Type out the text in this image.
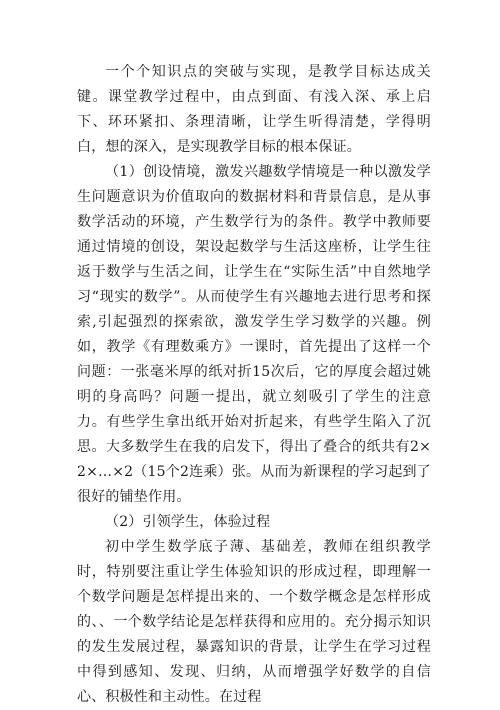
一个个知识点的突破与实现，是教学目标达成关键。课堂教学过程中，由点到面、有浅入深、承上启下、环环紧扣、条理清晰，让学生听得清楚，学得明白，想的深入，是实现教学目标的根本保证。

（1）创设情境，激发兴趣数学情境是一种以激发学生问题意识为价值取向的数据材料和背景信息，是从事数学活动的环境，产生数学行为的条件。教学中教师要通过情境的创设，架设起数学与生活这座桥，让学生往返于数学与生活之间，让学生在“实际生活”中自然地学习“现实的数学”。从而使学生有兴趣地去进行思考和探索,引起强烈的探索欲，激发学生学习数学的兴趣。例如，教学《有理数乘方》一课时，首先提出了这样一个问题：一张毫米厚的纸对折15次后，它的厚度会超过姚明的身高吗？问题一提出，就立刻吸引了学生的注意力。有些学生拿出纸开始对折起来，有些学生陷入了沉思。大多数学生在我的启发下，得出了叠合的纸共有2×2×…×2（15个2连乘）张。从而为新课程的学习起到了很好的铺垫作用。

（2）引领学生，体验过程

初中学生数学底子薄、基础差，教师在组织教学时，特别要注重让学生体验知识的形成过程，即理解一个数学问题是怎样提出来的、一个数学概念是怎样形成的、、一个数学结论是怎样获得和应用的。充分揭示知识的发生发展过程，暴露知识的背景，让学生在学习过程中得到感知、发现、归纳，从而增强学好数学的自信心、积极性和主动性。在过程
